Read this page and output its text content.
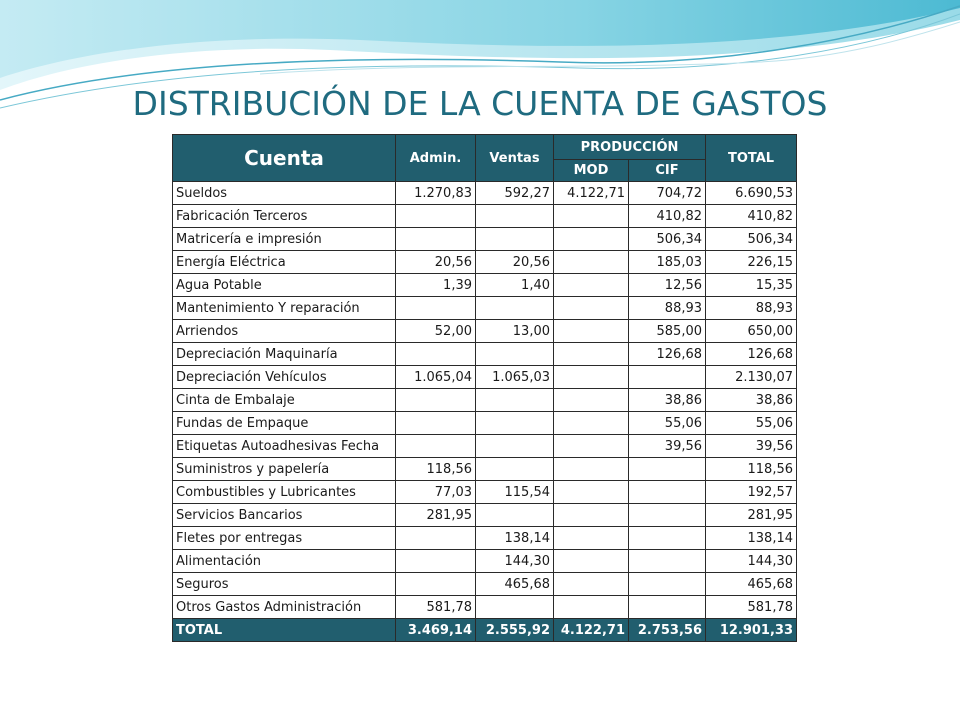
DISTRIBUCIÓN DE LA CUENTA DE GASTOS
Cuenta	Admin.	Ventas	PRODUCCIÓN		TOTAL
			MOD	CIF	
Sueldos	1.270,83	592,27	4.122,71	704,72	6.690,53
Fabricación Terceros				410,82	410,82
Matricería e impresión				506,34	506,34
Energía Eléctrica	20,56	20,56		185,03	226,15
Agua Potable	1,39	1,40		12,56	15,35
Mantenimiento Y reparación				88,93	88,93
Arriendos	52,00	13,00		585,00	650,00
Depreciación Maquinaría				126,68	126,68
Depreciación Vehículos	1.065,04	1.065,03			2.130,07
Cinta de Embalaje				38,86	38,86
Fundas de Empaque				55,06	55,06
Etiquetas Autoadhesivas Fecha				39,56	39,56
Suministros y papelería	118,56				118,56
Combustibles y Lubricantes	77,03	115,54			192,57
Servicios Bancarios	281,95				281,95
Fletes por entregas		138,14			138,14
Alimentación		144,30			144,30
Seguros		465,68			465,68
Otros Gastos Administración	581,78				581,78
TOTAL	3.469,14	2.555,92	4.122,71	2.753,56	12.901,33
